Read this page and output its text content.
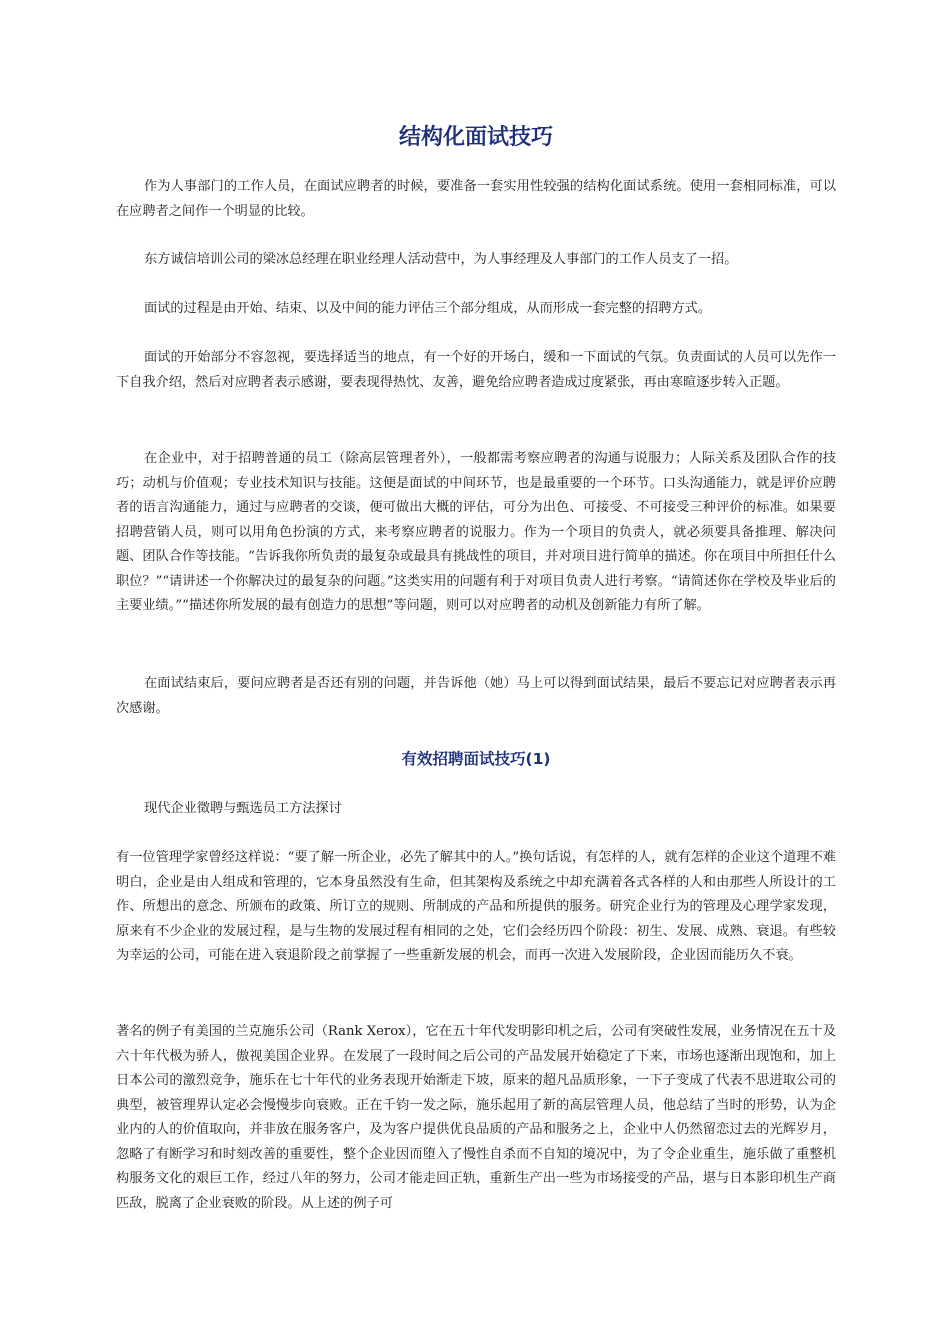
结构化面试技巧

作为人事部门的工作人员，在面试应聘者的时候，要准备一套实用性较强的结构化面试系统。使用一套相同标准，可以在应聘者之间作一个明显的比较。

东方诚信培训公司的梁冰总经理在职业经理人活动营中，为人事经理及人事部门的工作人员支了一招。

面试的过程是由开始、结束、以及中间的能力评估三个部分组成，从而形成一套完整的招聘方式。

面试的开始部分不容忽视，要选择适当的地点，有一个好的开场白，缓和一下面试的气氛。负责面试的人员可以先作一下自我介绍，然后对应聘者表示感谢，要表现得热忱、友善，避免给应聘者造成过度紧张，再由寒暄逐步转入正题。

在企业中，对于招聘普通的员工（除高层管理者外），一般都需考察应聘者的沟通与说服力；人际关系及团队合作的技巧；动机与价值观；专业技术知识与技能。这便是面试的中间环节，也是最重要的一个环节。口头沟通能力，就是评价应聘者的语言沟通能力，通过与应聘者的交谈，便可做出大概的评估，可分为出色、可接受、不可接受三种评价的标准。如果要招聘营销人员，则可以用角色扮演的方式，来考察应聘者的说服力。作为一个项目的负责人，就必须要具备推理、解决问题、团队合作等技能。“告诉我你所负责的最复杂或最具有挑战性的项目，并对项目进行简单的描述。你在项目中所担任什么职位？”“请讲述一个你解决过的最复杂的问题。”这类实用的问题有利于对项目负责人进行考察。“请简述你在学校及毕业后的主要业绩。”“描述你所发展的最有创造力的思想”等问题，则可以对应聘者的动机及创新能力有所了解。

在面试结束后，要问应聘者是否还有别的问题，并告诉他（她）马上可以得到面试结果，最后不要忘记对应聘者表示再次感谢。

有效招聘面试技巧(1)

现代企业徵聘与甄选员工方法探讨

有一位管理学家曾经这样说：“要了解一所企业，必先了解其中的人。”换句话说，有怎样的人，就有怎样的企业这个道理不难明白，企业是由人组成和管理的，它本身虽然没有生命，但其架构及系统之中却充满着各式各样的人和由那些人所设计的工作、所想出的意念、所颁布的政策、所订立的规则、所制成的产品和所提供的服务。研究企业行为的管理及心理学家发现，原来有不少企业的发展过程，是与生物的发展过程有相同的之处，它们会经历四个阶段：初生、发展、成熟、衰退。有些较为幸运的公司，可能在进入衰退阶段之前掌握了一些重新发展的机会，而再一次进入发展阶段，企业因而能历久不衰。

著名的例子有美国的兰克施乐公司（Rank Xerox），它在五十年代发明影印机之后，公司有突破性发展，业务情况在五十及六十年代极为骄人，傲视美国企业界。在发展了一段时间之后公司的产品发展开始稳定了下来，市场也逐渐出现饱和，加上日本公司的激烈竞争，施乐在七十年代的业务表现开始渐走下坡，原来的超凡品质形象，一下子变成了代表不思进取公司的典型，被管理界认定必会慢慢步向衰败。正在千钧一发之际，施乐起用了新的高层管理人员，他总结了当时的形势，认为企业内的人的价值取向，并非放在服务客户，及为客户提供优良品质的产品和服务之上，企业中人仍然留恋过去的光辉岁月，忽略了有断学习和时刻改善的重要性，整个企业因而堕入了慢性自杀而不自知的境况中，为了令企业重生，施乐做了重整机构服务文化的艰巨工作，经过八年的努力，公司才能走回正轨，重新生产出一些为市场接受的产品，堪与日本影印机生产商匹敌，脱离了企业衰败的阶段。从上述的例子可
